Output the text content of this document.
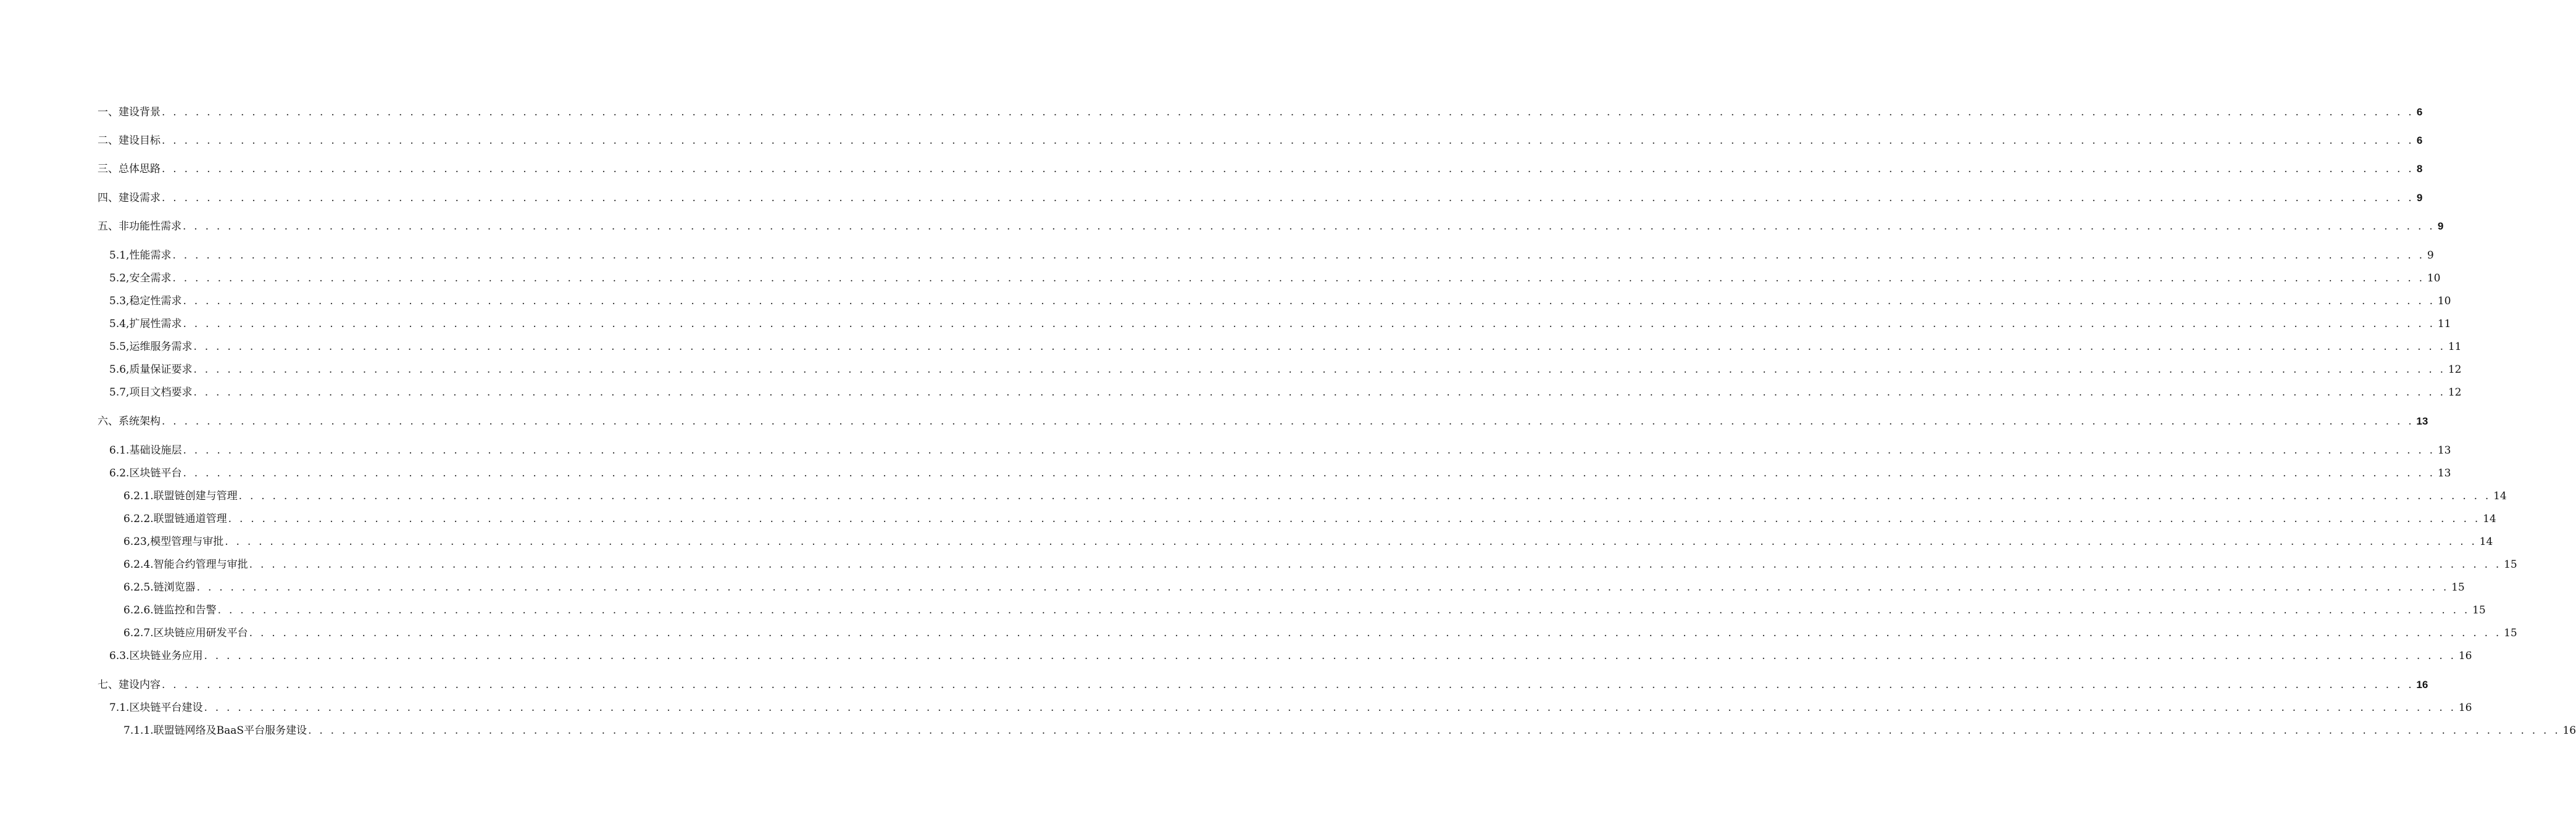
一、 建设背景 . . . . . . . . . . . . . . . . . . . . . . . . . . . . . . . . . . . . . . . . . . . . . . . . . . . . . . . . . . . . . . . . . . . . . . . . . . . . . . . . . . . . . . . . . . . . . . . . . . . . . . . . . . . . . . . . . . . . . . . . . . . . . . . . . . . . . . . . . . . . . . . . . . . . . . . . . . . . . . . . . . . . . . . . . . . . . . . . . . . . . . . . . . . . . . . . . . . . . . . . 6
二、 建设目标 . . . . . . . . . . . . . . . . . . . . . . . . . . . . . . . . . . . . . . . . . . . . . . . . . . . . . . . . . . . . . . . . . . . . . . . . . . . . . . . . . . . . . . . . . . . . . . . . . . . . . . . . . . . . . . . . . . . . . . . . . . . . . . . . . . . . . . . . . . . . . . . . . . . . . . . . . . . . . . . . . . . . . . . . . . . . . . . . . . . . . . . . . . . . . . . . . . . . . . . . 6
三、 总体思路 . . . . . . . . . . . . . . . . . . . . . . . . . . . . . . . . . . . . . . . . . . . . . . . . . . . . . . . . . . . . . . . . . . . . . . . . . . . . . . . . . . . . . . . . . . . . . . . . . . . . . . . . . . . . . . . . . . . . . . . . . . . . . . . . . . . . . . . . . . . . . . . . . . . . . . . . . . . . . . . . . . . . . . . . . . . . . . . . . . . . . . . . . . . . . . . . . . . . . . . . 8
四、 建设需求 . . . . . . . . . . . . . . . . . . . . . . . . . . . . . . . . . . . . . . . . . . . . . . . . . . . . . . . . . . . . . . . . . . . . . . . . . . . . . . . . . . . . . . . . . . . . . . . . . . . . . . . . . . . . . . . . . . . . . . . . . . . . . . . . . . . . . . . . . . . . . . . . . . . . . . . . . . . . . . . . . . . . . . . . . . . . . . . . . . . . . . . . . . . . . . . . . . . . . . . . 9
五、 非功能性需求 . . . . . . . . . . . . . . . . . . . . . . . . . . . . . . . . . . . . . . . . . . . . . . . . . . . . . . . . . . . . . . . . . . . . . . . . . . . . . . . . . . . . . . . . . . . . . . . . . . . . . . . . . . . . . . . . . . . . . . . . . . . . . . . . . . . . . . . . . . . . . . . . . . . . . . . . . . . . . . . . . . . . . . . . . . . . . . . . . . . . . . . . . . . . . . . . . . . . . . . . 9
5.1, 性能需求 . . . . . . . . . . . . . . . . . . . . . . . . . . . . . . . . . . . . . . . . . . . . . . . . . . . . . . . . . . . . . . . . . . . . . . . . . . . . . . . . . . . . . . . . . . . . . . . . . . . . . . . . . . . . . . . . . . . . . . . . . . . . . . . . . . . . . . . . . . . . . . . . . . . . . . . . . . . . . . . . . . . . . . . . . . . . . . . . . . . . . . . . . . . . . . . . . . . . . . . . 9
5.2, 安全需求 . . . . . . . . . . . . . . . . . . . . . . . . . . . . . . . . . . . . . . . . . . . . . . . . . . . . . . . . . . . . . . . . . . . . . . . . . . . . . . . . . . . . . . . . . . . . . . . . . . . . . . . . . . . . . . . . . . . . . . . . . . . . . . . . . . . . . . . . . . . . . . . . . . . . . . . . . . . . . . . . . . . . . . . . . . . . . . . . . . . . . . . . . . . . . . . . . . . . . . . . 10
5.3, 稳定性需求 . . . . . . . . . . . . . . . . . . . . . . . . . . . . . . . . . . . . . . . . . . . . . . . . . . . . . . . . . . . . . . . . . . . . . . . . . . . . . . . . . . . . . . . . . . . . . . . . . . . . . . . . . . . . . . . . . . . . . . . . . . . . . . . . . . . . . . . . . . . . . . . . . . . . . . . . . . . . . . . . . . . . . . . . . . . . . . . . . . . . . . . . . . . . . . . . . . . . . . . . 10
5.4, 扩展性需求 . . . . . . . . . . . . . . . . . . . . . . . . . . . . . . . . . . . . . . . . . . . . . . . . . . . . . . . . . . . . . . . . . . . . . . . . . . . . . . . . . . . . . . . . . . . . . . . . . . . . . . . . . . . . . . . . . . . . . . . . . . . . . . . . . . . . . . . . . . . . . . . . . . . . . . . . . . . . . . . . . . . . . . . . . . . . . . . . . . . . . . . . . . . . . . . . . . . . . . . . 11
5.5, 运维服务需求 . . . . . . . . . . . . . . . . . . . . . . . . . . . . . . . . . . . . . . . . . . . . . . . . . . . . . . . . . . . . . . . . . . . . . . . . . . . . . . . . . . . . . . . . . . . . . . . . . . . . . . . . . . . . . . . . . . . . . . . . . . . . . . . . . . . . . . . . . . . . . . . . . . . . . . . . . . . . . . . . . . . . . . . . . . . . . . . . . . . . . . . . . . . . . . . . . . . . . . . . 11
5.6, 质量保证要求 . . . . . . . . . . . . . . . . . . . . . . . . . . . . . . . . . . . . . . . . . . . . . . . . . . . . . . . . . . . . . . . . . . . . . . . . . . . . . . . . . . . . . . . . . . . . . . . . . . . . . . . . . . . . . . . . . . . . . . . . . . . . . . . . . . . . . . . . . . . . . . . . . . . . . . . . . . . . . . . . . . . . . . . . . . . . . . . . . . . . . . . . . . . . . . . . . . . . . . . . 12
5.7, 项目文档要求 . . . . . . . . . . . . . . . . . . . . . . . . . . . . . . . . . . . . . . . . . . . . . . . . . . . . . . . . . . . . . . . . . . . . . . . . . . . . . . . . . . . . . . . . . . . . . . . . . . . . . . . . . . . . . . . . . . . . . . . . . . . . . . . . . . . . . . . . . . . . . . . . . . . . . . . . . . . . . . . . . . . . . . . . . . . . . . . . . . . . . . . . . . . . . . . . . . . . . . . . 12
六、 系统架构 . . . . . . . . . . . . . . . . . . . . . . . . . . . . . . . . . . . . . . . . . . . . . . . . . . . . . . . . . . . . . . . . . . . . . . . . . . . . . . . . . . . . . . . . . . . . . . . . . . . . . . . . . . . . . . . . . . . . . . . . . . . . . . . . . . . . . . . . . . . . . . . . . . . . . . . . . . . . . . . . . . . . . . . . . . . . . . . . . . . . . . . . . . . . . . . . . . . . . . . . 13
6.1. 基础设施层 . . . . . . . . . . . . . . . . . . . . . . . . . . . . . . . . . . . . . . . . . . . . . . . . . . . . . . . . . . . . . . . . . . . . . . . . . . . . . . . . . . . . . . . . . . . . . . . . . . . . . . . . . . . . . . . . . . . . . . . . . . . . . . . . . . . . . . . . . . . . . . . . . . . . . . . . . . . . . . . . . . . . . . . . . . . . . . . . . . . . . . . . . . . . . . . . . . . . . . . . 13
6.2. 区块链平台 . . . . . . . . . . . . . . . . . . . . . . . . . . . . . . . . . . . . . . . . . . . . . . . . . . . . . . . . . . . . . . . . . . . . . . . . . . . . . . . . . . . . . . . . . . . . . . . . . . . . . . . . . . . . . . . . . . . . . . . . . . . . . . . . . . . . . . . . . . . . . . . . . . . . . . . . . . . . . . . . . . . . . . . . . . . . . . . . . . . . . . . . . . . . . . . . . . . . . . . . 13
6.2.1. 联盟链创建与管理 . . . . . . . . . . . . . . . . . . . . . . . . . . . . . . . . . . . . . . . . . . . . . . . . . . . . . . . . . . . . . . . . . . . . . . . . . . . . . . . . . . . . . . . . . . . . . . . . . . . . . . . . . . . . . . . . . . . . . . . . . . . . . . . . . . . . . . . . . . . . . . . . . . . . . . . . . . . . . . . . . . . . . . . . . . . . . . . . . . . . . . . . . . . . . . . . . . . . . . . . 14
6.2.2. 联盟链通道管理 . . . . . . . . . . . . . . . . . . . . . . . . . . . . . . . . . . . . . . . . . . . . . . . . . . . . . . . . . . . . . . . . . . . . . . . . . . . . . . . . . . . . . . . . . . . . . . . . . . . . . . . . . . . . . . . . . . . . . . . . . . . . . . . . . . . . . . . . . . . . . . . . . . . . . . . . . . . . . . . . . . . . . . . . . . . . . . . . . . . . . . . . . . . . . . . . . . . . . . . . 14
6.23, 模型管理与审批 . . . . . . . . . . . . . . . . . . . . . . . . . . . . . . . . . . . . . . . . . . . . . . . . . . . . . . . . . . . . . . . . . . . . . . . . . . . . . . . . . . . . . . . . . . . . . . . . . . . . . . . . . . . . . . . . . . . . . . . . . . . . . . . . . . . . . . . . . . . . . . . . . . . . . . . . . . . . . . . . . . . . . . . . . . . . . . . . . . . . . . . . . . . . . . . . . . . . . . . . 14
6.2.4. 智能合约管理与审批 . . . . . . . . . . . . . . . . . . . . . . . . . . . . . . . . . . . . . . . . . . . . . . . . . . . . . . . . . . . . . . . . . . . . . . . . . . . . . . . . . . . . . . . . . . . . . . . . . . . . . . . . . . . . . . . . . . . . . . . . . . . . . . . . . . . . . . . . . . . . . . . . . . . . . . . . . . . . . . . . . . . . . . . . . . . . . . . . . . . . . . . . . . . . . . . . . . . . . . . . 15
6.2.5. 链浏览器 . . . . . . . . . . . . . . . . . . . . . . . . . . . . . . . . . . . . . . . . . . . . . . . . . . . . . . . . . . . . . . . . . . . . . . . . . . . . . . . . . . . . . . . . . . . . . . . . . . . . . . . . . . . . . . . . . . . . . . . . . . . . . . . . . . . . . . . . . . . . . . . . . . . . . . . . . . . . . . . . . . . . . . . . . . . . . . . . . . . . . . . . . . . . . . . . . . . . . . . . 15
6.2.6. 链监控和告警 . . . . . . . . . . . . . . . . . . . . . . . . . . . . . . . . . . . . . . . . . . . . . . . . . . . . . . . . . . . . . . . . . . . . . . . . . . . . . . . . . . . . . . . . . . . . . . . . . . . . . . . . . . . . . . . . . . . . . . . . . . . . . . . . . . . . . . . . . . . . . . . . . . . . . . . . . . . . . . . . . . . . . . . . . . . . . . . . . . . . . . . . . . . . . . . . . . . . . . . . 15
6.2.7. 区块链应用研发平台 . . . . . . . . . . . . . . . . . . . . . . . . . . . . . . . . . . . . . . . . . . . . . . . . . . . . . . . . . . . . . . . . . . . . . . . . . . . . . . . . . . . . . . . . . . . . . . . . . . . . . . . . . . . . . . . . . . . . . . . . . . . . . . . . . . . . . . . . . . . . . . . . . . . . . . . . . . . . . . . . . . . . . . . . . . . . . . . . . . . . . . . . . . . . . . . . . . . . . . . . 15
6.3. 区块链业务应用 . . . . . . . . . . . . . . . . . . . . . . . . . . . . . . . . . . . . . . . . . . . . . . . . . . . . . . . . . . . . . . . . . . . . . . . . . . . . . . . . . . . . . . . . . . . . . . . . . . . . . . . . . . . . . . . . . . . . . . . . . . . . . . . . . . . . . . . . . . . . . . . . . . . . . . . . . . . . . . . . . . . . . . . . . . . . . . . . . . . . . . . . . . . . . . . . . . . . . . . . 16
七、 建设内容 . . . . . . . . . . . . . . . . . . . . . . . . . . . . . . . . . . . . . . . . . . . . . . . . . . . . . . . . . . . . . . . . . . . . . . . . . . . . . . . . . . . . . . . . . . . . . . . . . . . . . . . . . . . . . . . . . . . . . . . . . . . . . . . . . . . . . . . . . . . . . . . . . . . . . . . . . . . . . . . . . . . . . . . . . . . . . . . . . . . . . . . . . . . . . . . . . . . . . . . . 16
7.1. 区块链平台建设 . . . . . . . . . . . . . . . . . . . . . . . . . . . . . . . . . . . . . . . . . . . . . . . . . . . . . . . . . . . . . . . . . . . . . . . . . . . . . . . . . . . . . . . . . . . . . . . . . . . . . . . . . . . . . . . . . . . . . . . . . . . . . . . . . . . . . . . . . . . . . . . . . . . . . . . . . . . . . . . . . . . . . . . . . . . . . . . . . . . . . . . . . . . . . . . . . . . . . . . . 16
7.1.1. 联盟链网络及BaaS平台服务建设 . . . . . . . . . . . . . . . . . . . . . . . . . . . . . . . . . . . . . . . . . . . . . . . . . . . . . . . . . . . . . . . . . . . . . . . . . . . . . . . . . . . . . . . . . . . . . . . . . . . . . . . . . . . . . . . . . . . . . . . . . . . . . . . . . . . . . . . . . . . . . . . . . . . . . . . . . . . . . . . . . . . . . . . . . . . . . . . . . . . . . . . . . . . . . . . . . . . . . . . . 16
